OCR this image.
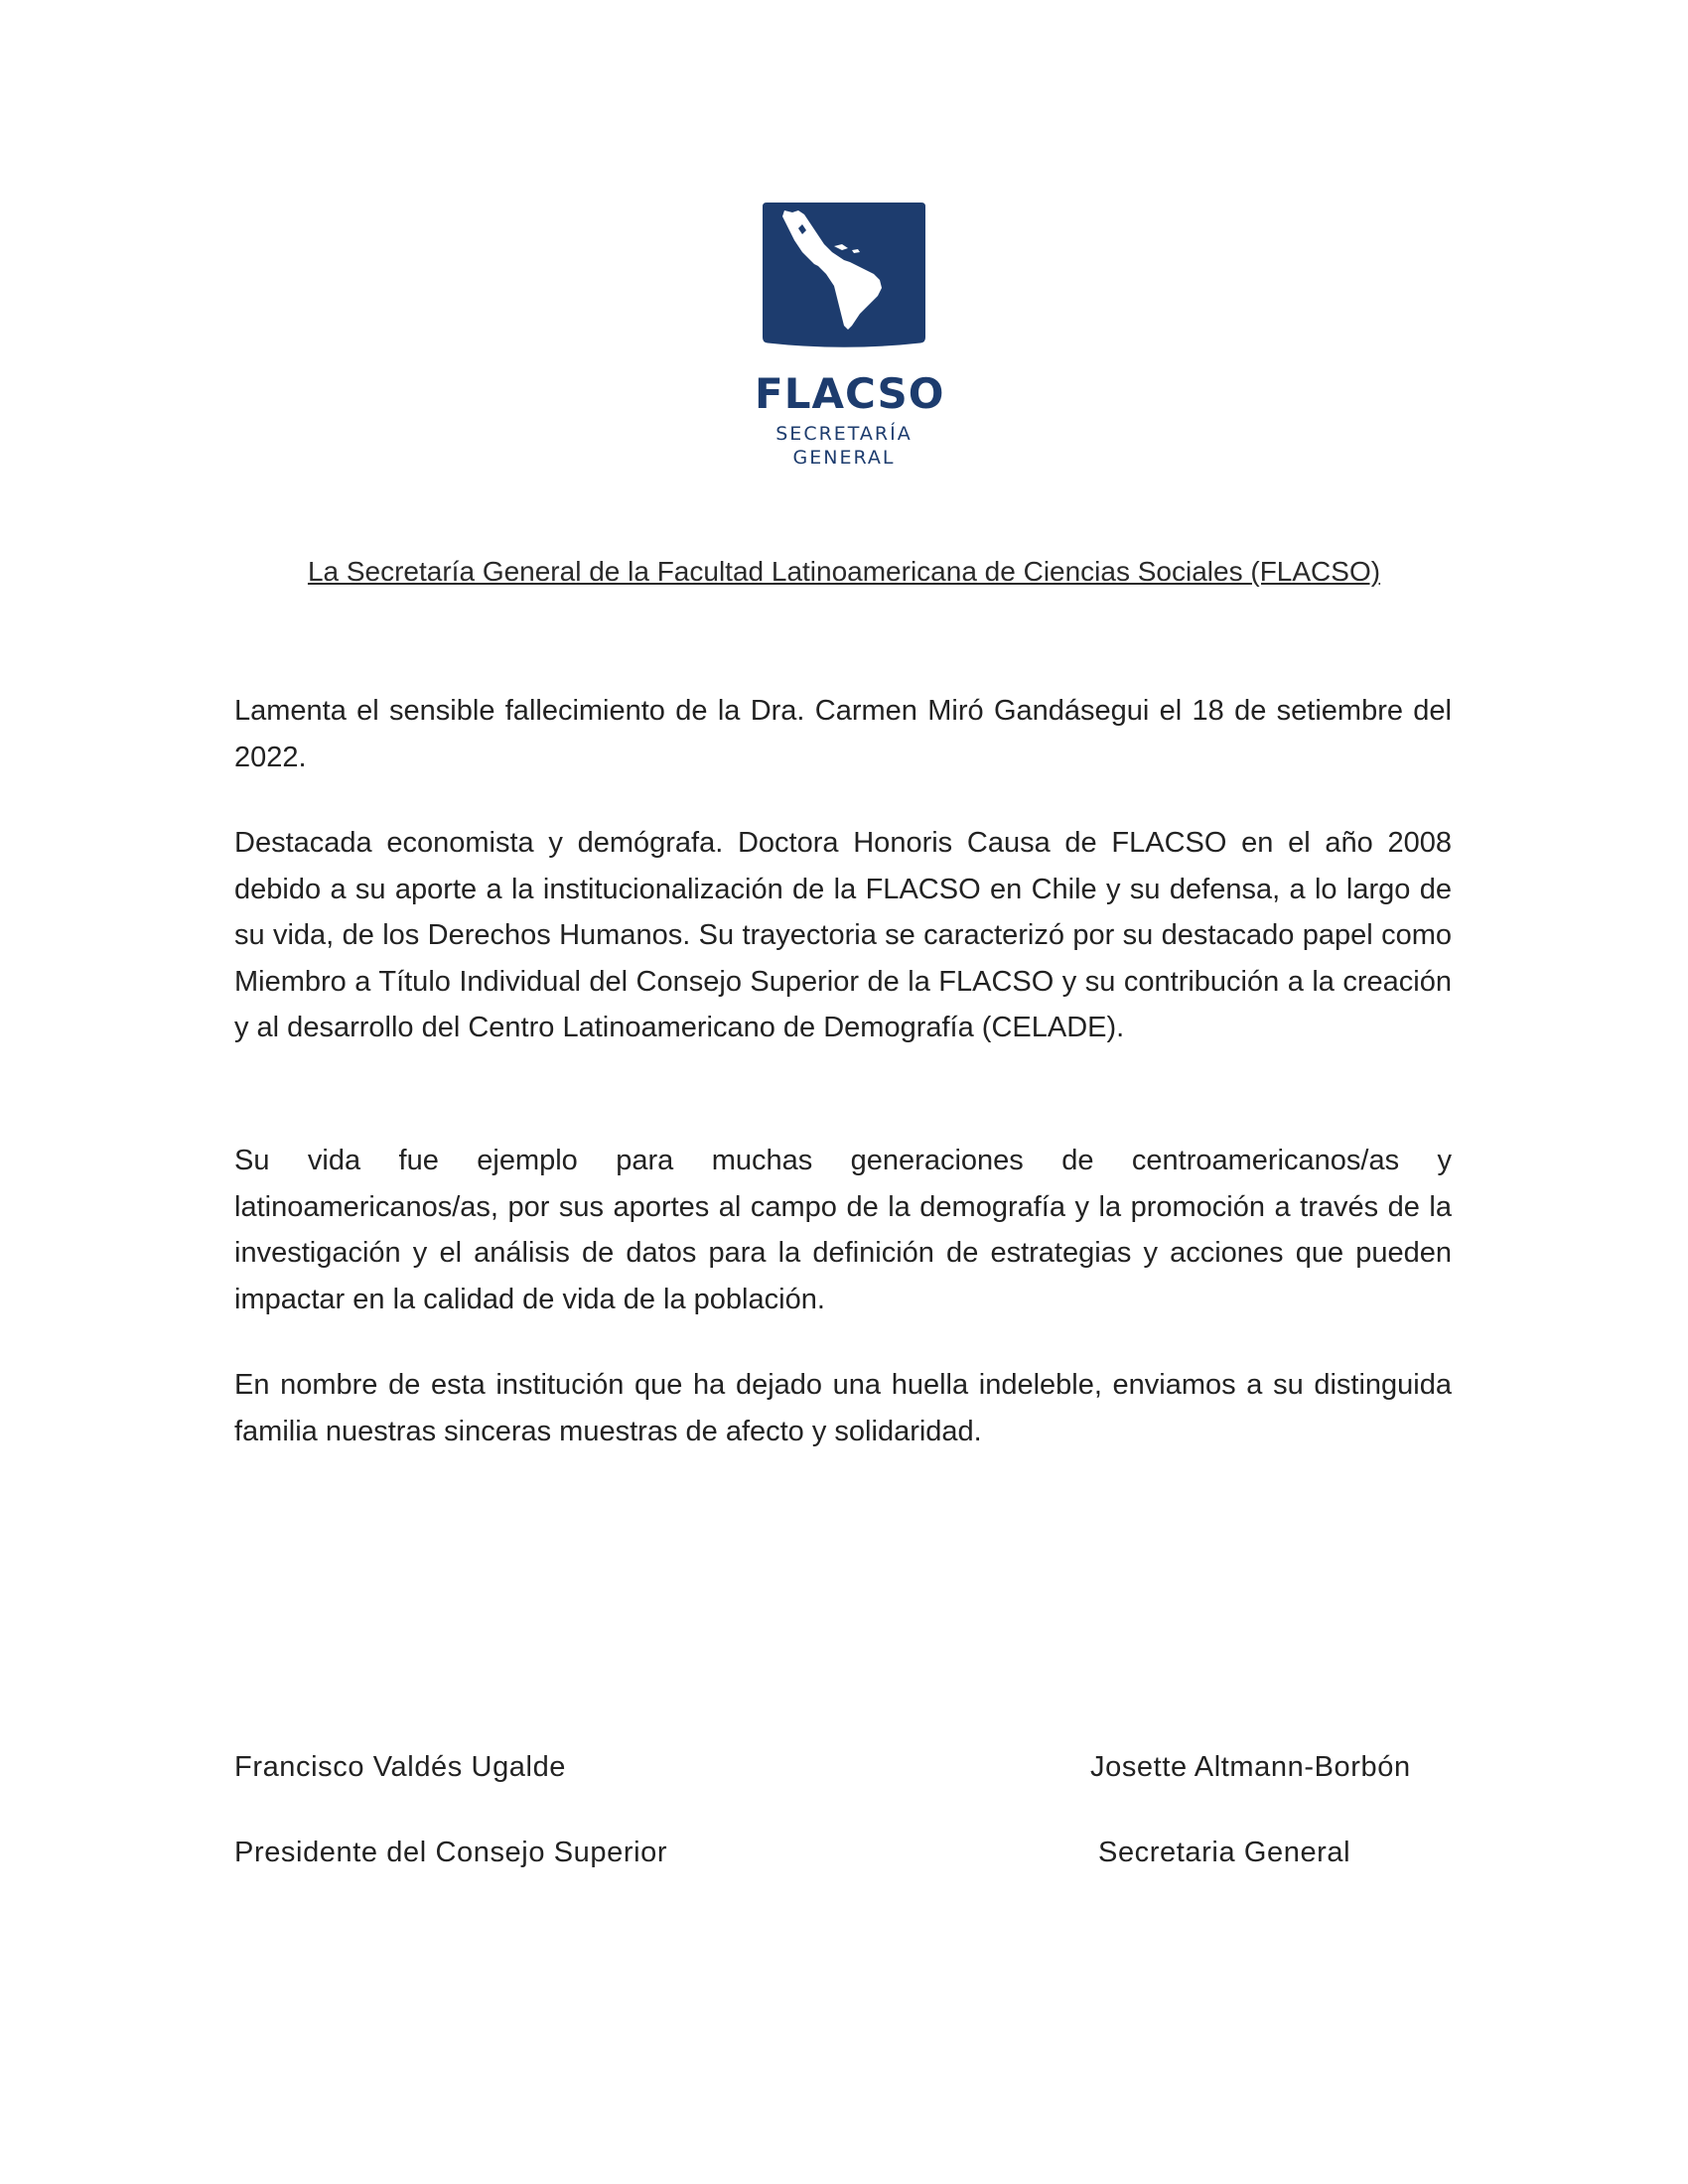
FLACSO
SECRETARÍA
GENERAL
La Secretaría General de la Facultad Latinoamericana de Ciencias Sociales (FLACSO)

Lamenta el sensible fallecimiento de la Dra. Carmen Miró Gandásegui el 18 de setiembre del 2022.

Destacada economista y demógrafa. Doctora Honoris Causa de FLACSO en el año 2008 debido a su aporte a la institucionalización de la FLACSO en Chile y su defensa, a lo largo de su vida, de los Derechos Humanos. Su trayectoria se caracterizó por su destacado papel como Miembro a Título Individual del Consejo Superior de la FLACSO y su contribución a la creación y al desarrollo del Centro Latinoamericano de Demografía (CELADE).

Su vida fue ejemplo para muchas generaciones de centroamericanos/as y latinoamericanos/as, por sus aportes al campo de la demografía y la promoción a través de la investigación y el análisis de datos para la definición de estrategias y acciones que pueden impactar en la calidad de vida de la población.

En nombre de esta institución que ha dejado una huella indeleble, enviamos a su distinguida familia nuestras sinceras muestras de afecto y solidaridad.

Francisco Valdés Ugalde
Presidente del Consejo Superior
Josette Altmann-Borbón
Secretaria General
